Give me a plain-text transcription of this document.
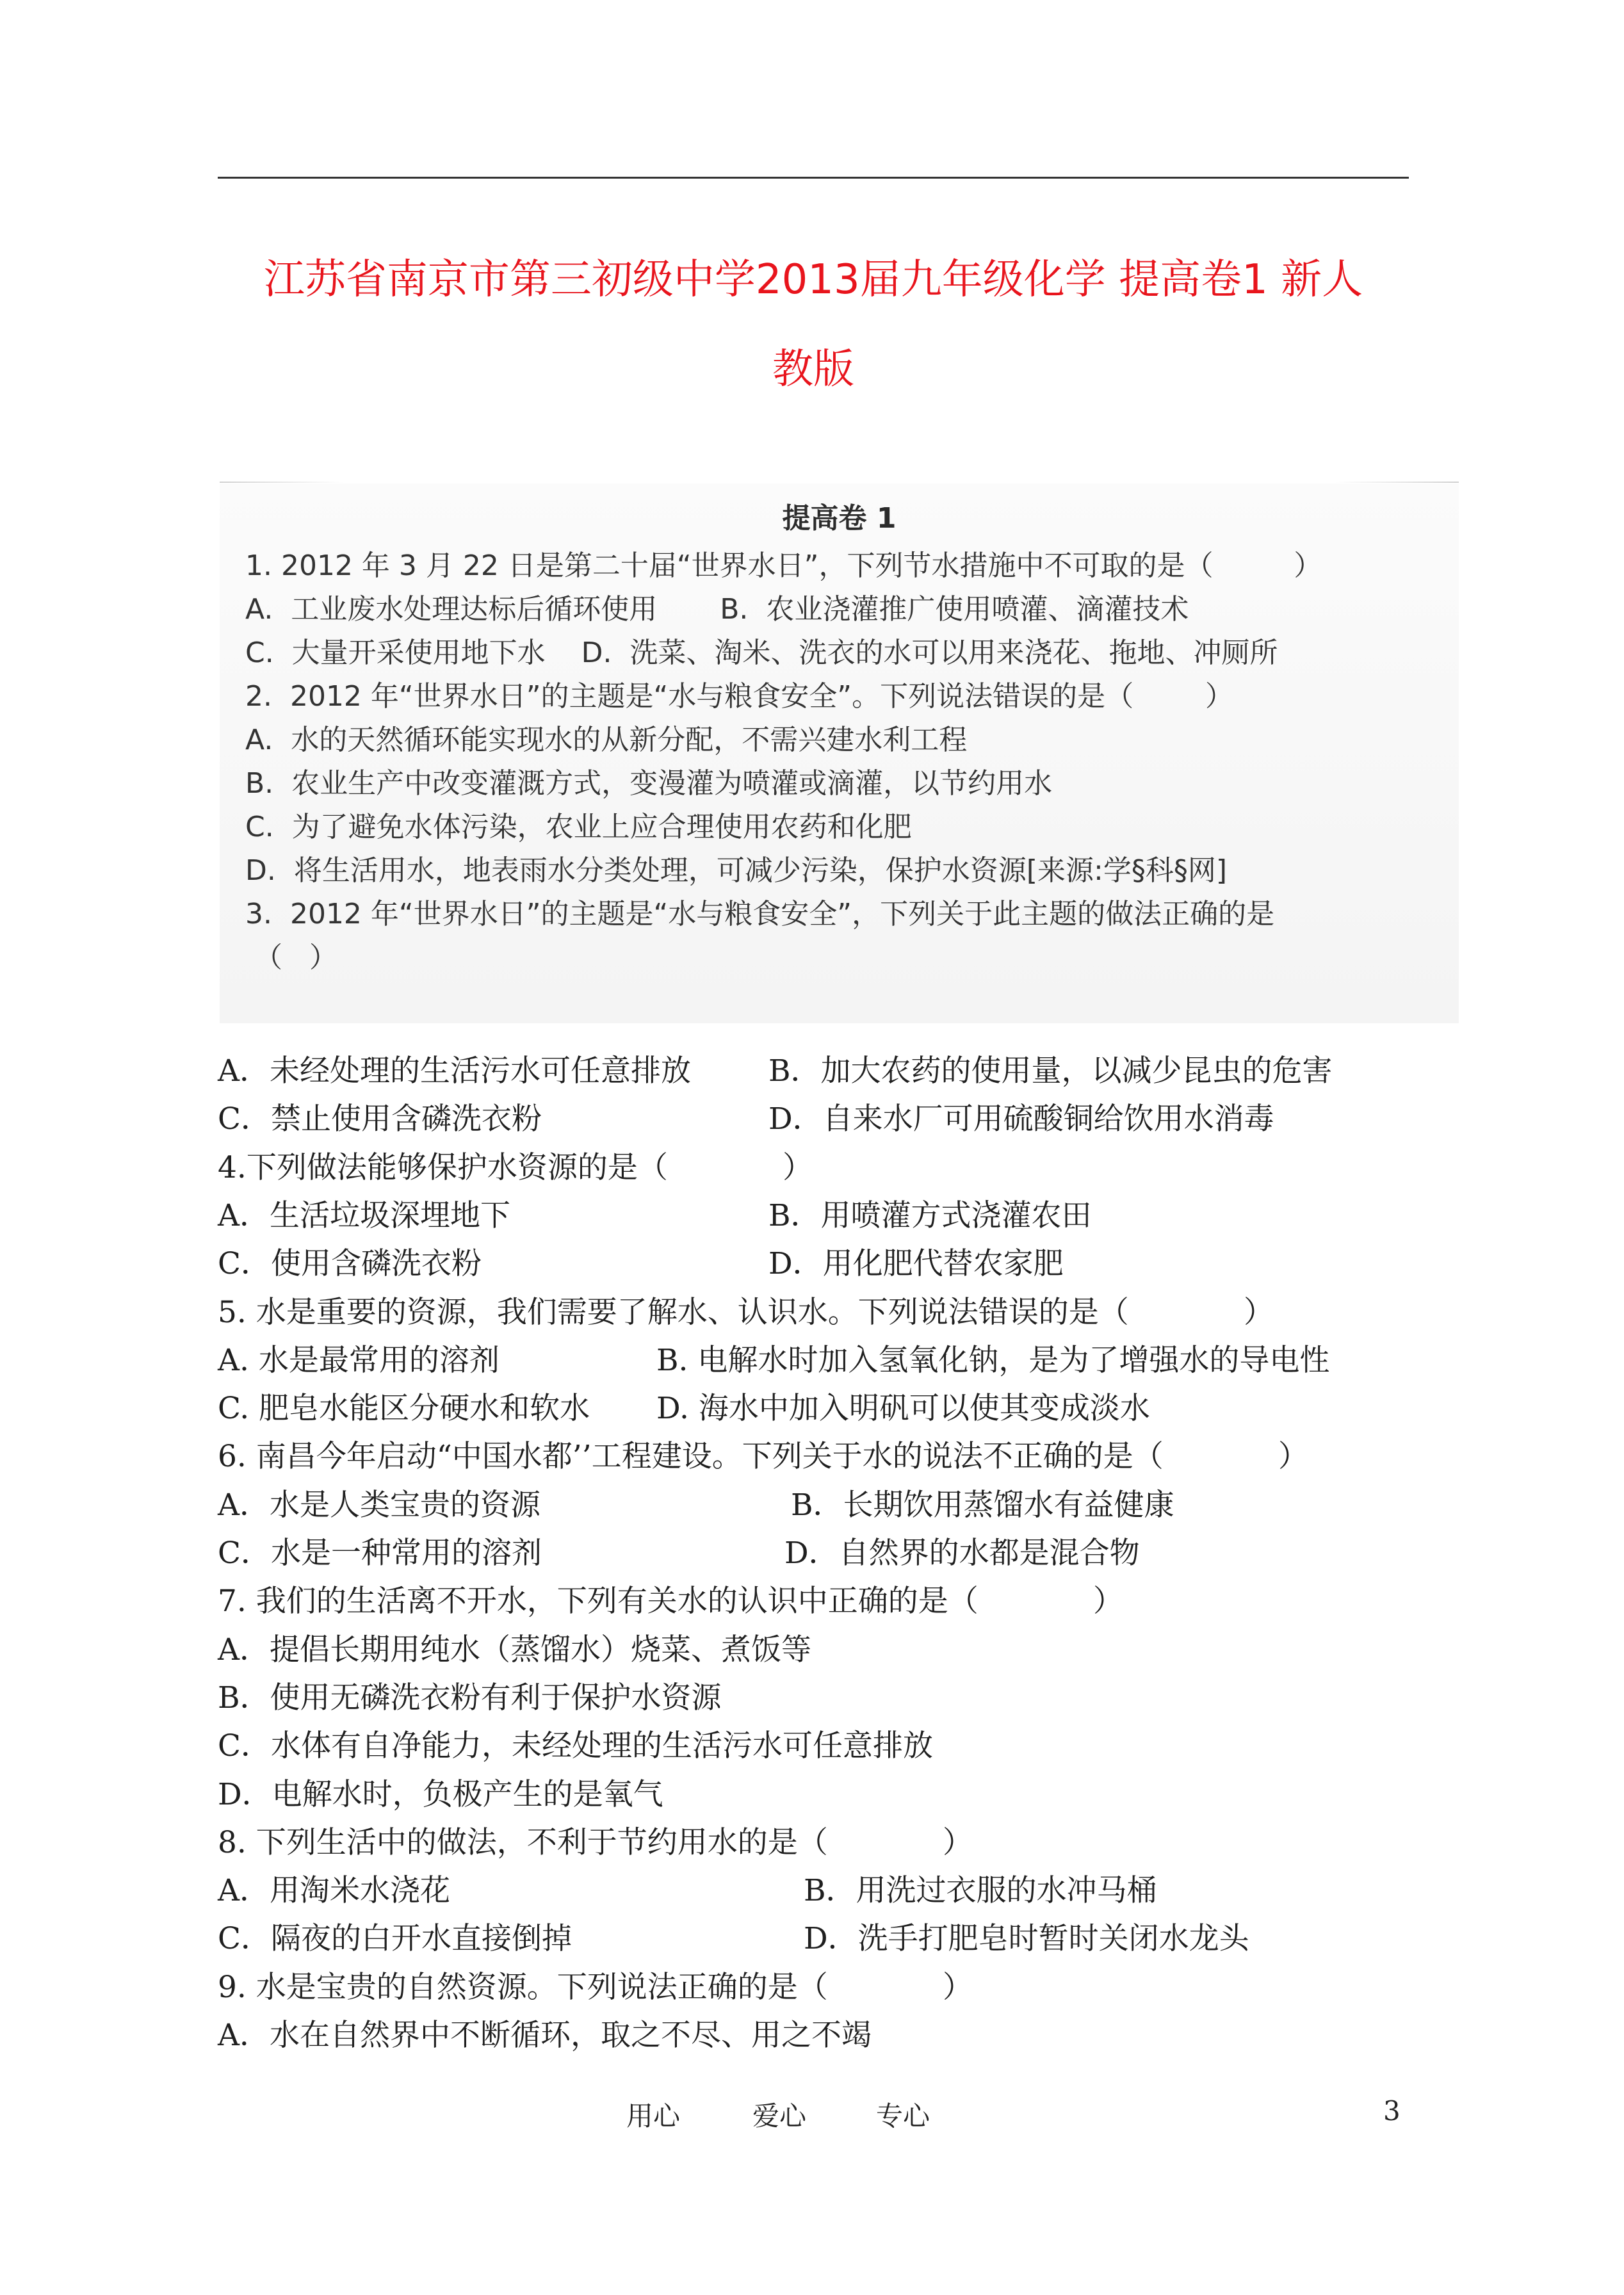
江苏省南京市第三初级中学2013届九年级化学 提高卷1 新人
教版
提高卷 1
1. 2012 年 3 月 22 日是第二十届“世界水日”，下列节水措施中不可取的是（         ）
A.  工业废水处理达标后循环使用       B.  农业浇灌推广使用喷灌、滴灌技术
C.  大量开采使用地下水    D.  洗菜、淘米、洗衣的水可以用来浇花、拖地、冲厕所
2.  2012 年“世界水日”的主题是“水与粮食安全”。下列说法错误的是（        ）
A.  水的天然循环能实现水的从新分配，不需兴建水利工程
B.  农业生产中改变灌溉方式，变漫灌为喷灌或滴灌，以节约用水
C.  为了避免水体污染，农业上应合理使用农药和化肥
D.  将生活用水，地表雨水分类处理，可减少污染，保护水资源[来源:学§科§网]
3.  2012 年“世界水日”的主题是“水与粮食安全”，下列关于此主题的做法正确的是
（   ）
A．未经处理的生活污水可任意排放	B．加大农药的使用量，以减少昆虫的危害
C．禁止使用含磷洗衣粉	D．自来水厂可用硫酸铜给饮用水消毒
4.下列做法能够保护水资源的是（            ）
A．生活垃圾深埋地下	B．用喷灌方式浇灌农田
C．使用含磷洗衣粉	D．用化肥代替农家肥
5. 水是重要的资源，我们需要了解水、认识水。下列说法错误的是（            ）
A. 水是最常用的溶剂	B. 电解水时加入氢氧化钠，是为了增强水的导电性
C. 肥皂水能区分硬水和软水 D. 海水中加入明矾可以使其变成淡水
6. 南昌今年启动“中国水都’’工程建设。下列关于水的说法不正确的是（            ）
A．水是人类宝贵的资源	B．长期饮用蒸馏水有益健康
C．水是一种常用的溶剂	D．自然界的水都是混合物
7. 我们的生活离不开水，下列有关水的认识中正确的是（            ）
A．提倡长期用纯水（蒸馏水）烧菜、煮饭等
B．使用无磷洗衣粉有利于保护水资源
C．水体有自净能力，未经处理的生活污水可任意排放
D．电解水时，负极产生的是氧气
8. 下列生活中的做法，不利于节约用水的是（            ）
A．用淘米水浇花	B．用洗过衣服的水冲马桶
C．隔夜的白开水直接倒掉	D．洗手打肥皂时暂时关闭水龙头
9. 水是宝贵的自然资源。下列说法正确的是（            ）
A．水在自然界中不断循环，取之不尽、用之不竭
用心	爱心	专心	3
